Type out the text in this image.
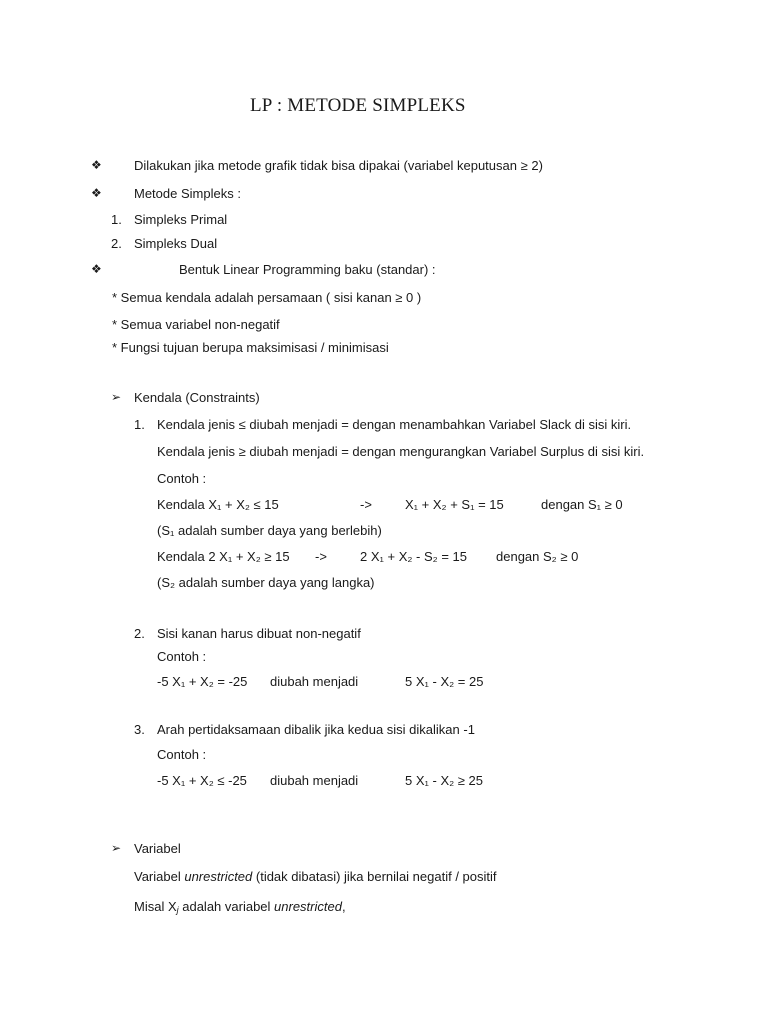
LP : METODE SIMPLEKS
❖ Dilakukan jika metode grafik tidak bisa dipakai (variabel keputusan ≥ 2)
❖ Metode Simpleks :
1. Simpleks Primal
2. Simpleks Dual
❖	Bentuk Linear Programming baku (standar) :
* Semua kendala adalah persamaan ( sisi kanan ≥ 0 )
* Semua variabel non-negatif
* Fungsi tujuan berupa maksimisasi / minimisasi
➢ Kendala (Constraints)
1. Kendala jenis ≤ diubah menjadi = dengan menambahkan Variabel Slack di sisi kiri.
Kendala jenis ≥ diubah menjadi = dengan mengurangkan Variabel Surplus di sisi kiri.
Contoh :
Kendala X₁ + X₂ ≤ 15	->	X₁ + X₂ + S₁ = 15	dengan S₁ ≥ 0
(S₁ adalah sumber daya yang berlebih)
Kendala 2 X₁ + X₂ ≥ 15 ->	2 X₁ + X₂ - S₂ = 15 dengan S₂ ≥ 0
(S₂ adalah sumber daya yang langka)
2. Sisi kanan harus dibuat non-negatif
Contoh :
-5 X₁ + X₂ = -25 diubah menjadi	5 X₁ - X₂ = 25
3. Arah pertidaksamaan dibalik jika kedua sisi dikalikan -1
Contoh :
-5 X₁ + X₂ ≤ -25 diubah menjadi	5 X₁ - X₂ ≥ 25
➢ Variabel
Variabel unrestricted (tidak dibatasi) jika bernilai negatif / positif
Misal $X_j$ adalah variabel unrestricted,
